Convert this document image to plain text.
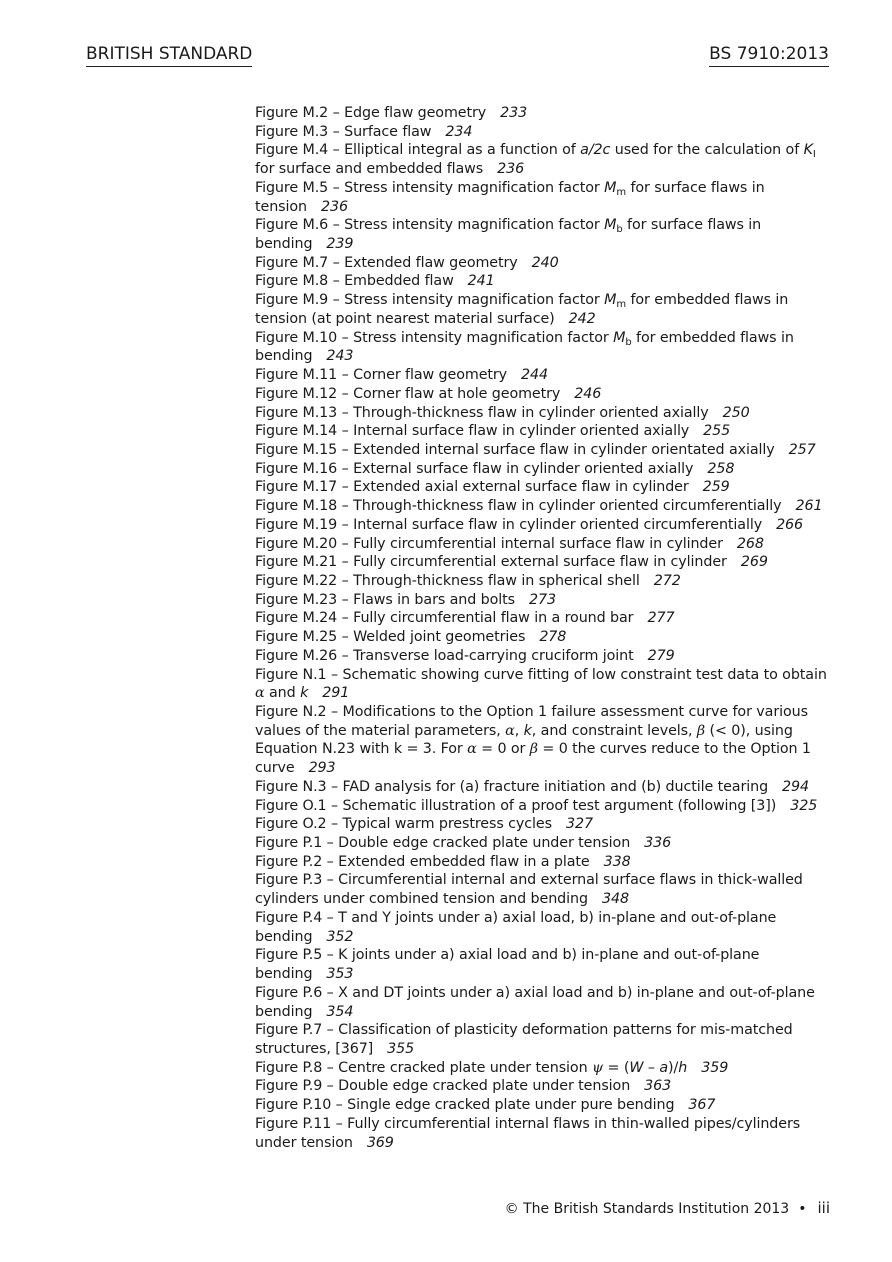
BRITISH STANDARD	BS 7910:2013

Figure M.2 – Edge flaw geometry 233

Figure M.3 – Surface flaw 234

Figure M.4 – Elliptical integral as a function of a/2c used for the calculation of $K_I$
for surface and embedded flaws 236

Figure M.5 – Stress intensity magnification factor $M_m$ for surface flaws in tension 236

Figure M.6 – Stress intensity magnification factor $M_b$ for surface flaws in bending 239

Figure M.7 – Extended flaw geometry 240

Figure M.8 – Embedded flaw 241

Figure M.9 – Stress intensity magnification factor $M_m$ for embedded flaws in tension (at point nearest material surface) 242

Figure M.10 – Stress intensity magnification factor $M_b$ for embedded flaws in bending 243

Figure M.11 – Corner flaw geometry 244

Figure M.12 – Corner flaw at hole geometry 246

Figure M.13 – Through-thickness flaw in cylinder oriented axially 250

Figure M.14 – Internal surface flaw in cylinder oriented axially 255

Figure M.15 – Extended internal surface flaw in cylinder orientated axially 257

Figure M.16 – External surface flaw in cylinder oriented axially 258

Figure M.17 – Extended axial external surface flaw in cylinder 259

Figure M.18 – Through-thickness flaw in cylinder oriented circumferentially 261

Figure M.19 – Internal surface flaw in cylinder oriented circumferentially 266

Figure M.20 – Fully circumferential internal surface flaw in cylinder 268

Figure M.21 – Fully circumferential external surface flaw in cylinder 269

Figure M.22 – Through-thickness flaw in spherical shell 272

Figure M.23 – Flaws in bars and bolts 273

Figure M.24 – Fully circumferential flaw in a round bar 277

Figure M.25 – Welded joint geometries 278

Figure M.26 – Transverse load-carrying cruciform joint 279

Figure N.1 – Schematic showing curve fitting of low constraint test data to obtain α and k 291

Figure N.2 – Modifications to the Option 1 failure assessment curve for various values of the material parameters, α, k, and constraint levels, β (< 0), using Equation N.23 with k = 3. For α = 0 or β = 0 the curves reduce to the Option 1 curve 293

Figure N.3 – FAD analysis for (a) fracture initiation and (b) ductile tearing 294

Figure O.1 – Schematic illustration of a proof test argument (following [3]) 325

Figure O.2 – Typical warm prestress cycles 327

Figure P.1 – Double edge cracked plate under tension 336

Figure P.2 – Extended embedded flaw in a plate 338

Figure P.3 – Circumferential internal and external surface flaws in thick-walled cylinders under combined tension and bending 348

Figure P.4 – T and Y joints under a) axial load, b) in-plane and out-of-plane bending 352

Figure P.5 – K joints under a) axial load and b) in-plane and out-of-plane bending 353

Figure P.6 – X and DT joints under a) axial load and b) in-plane and out-of-plane bending 354

Figure P.7 – Classification of plasticity deformation patterns for mis-matched structures, [367] 355

Figure P.8 – Centre cracked plate under tension ψ = (W – a)/h 359

Figure P.9 – Double edge cracked plate under tension 363

Figure P.10 – Single edge cracked plate under pure bending 367

Figure P.11 – Fully circumferential internal flaws in thin-walled pipes/cylinders under tension 369

© The British Standards Institution 2013 • iii
